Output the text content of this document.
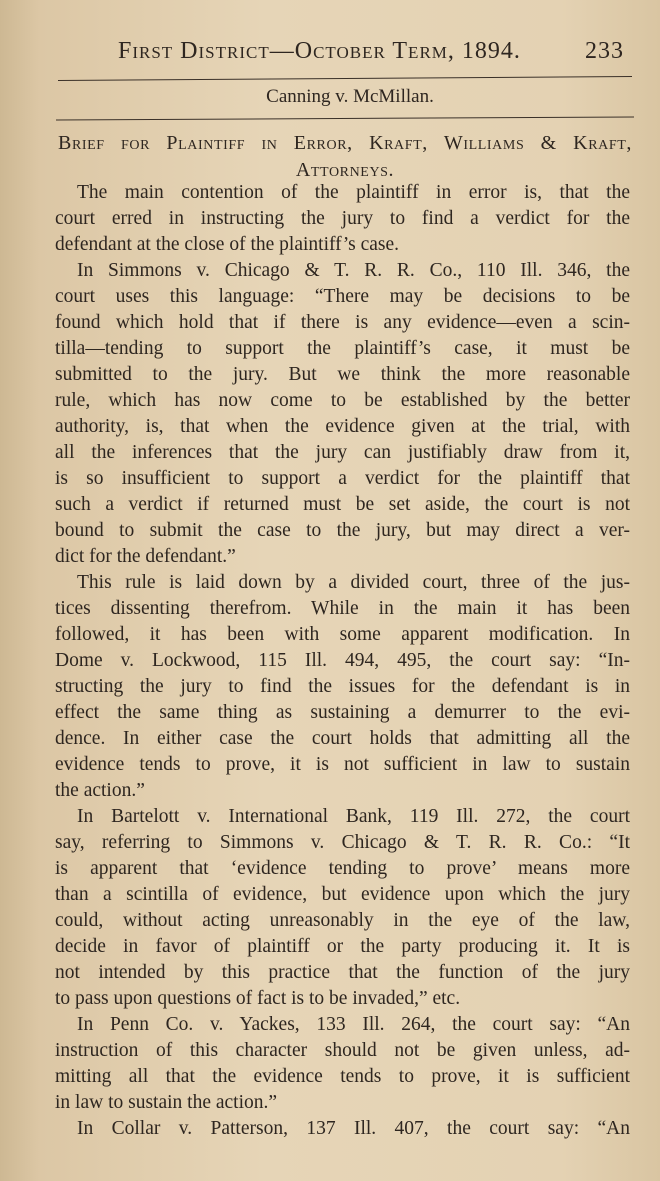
First District—October Term, 1894.	233
Canning v. McMillan.
Brief for Plaintiff in Error, Kraft, Williams & Kraft,
Attorneys.
The main contention of the plaintiff in error is, that the
court erred in instructing the jury to find a verdict for the
defendant at the close of the plaintiff’s case.
In Simmons v. Chicago & T. R. R. Co., 110 Ill. 346, the
court uses this language: “There may be decisions to be
found which hold that if there is any evidence—even a scin-
tilla—tending to support the plaintiff’s case, it must be
submitted to the jury. But we think the more reasonable
rule, which has now come to be established by the better
authority, is, that when the evidence given at the trial, with
all the inferences that the jury can justifiably draw from it,
is so insufficient to support a verdict for the plaintiff that
such a verdict if returned must be set aside, the court is not
bound to submit the case to the jury, but may direct a ver-
dict for the defendant.”
This rule is laid down by a divided court, three of the jus-
tices dissenting therefrom. While in the main it has been
followed, it has been with some apparent modification. In
Dome v. Lockwood, 115 Ill. 494, 495, the court say: “In-
structing the jury to find the issues for the defendant is in
effect the same thing as sustaining a demurrer to the evi-
dence. In either case the court holds that admitting all the
evidence tends to prove, it is not sufficient in law to sustain
the action.”
In Bartelott v. International Bank, 119 Ill. 272, the court
say, referring to Simmons v. Chicago & T. R. R. Co.: “It
is apparent that ‘evidence tending to prove’ means more
than a scintilla of evidence, but evidence upon which the jury
could, without acting unreasonably in the eye of the law,
decide in favor of plaintiff or the party producing it. It is
not intended by this practice that the function of the jury
to pass upon questions of fact is to be invaded,” etc.
In Penn Co. v. Yackes, 133 Ill. 264, the court say: “An
instruction of this character should not be given unless, ad-
mitting all that the evidence tends to prove, it is sufficient
in law to sustain the action.”
In Collar v. Patterson, 137 Ill. 407, the court say: “An
